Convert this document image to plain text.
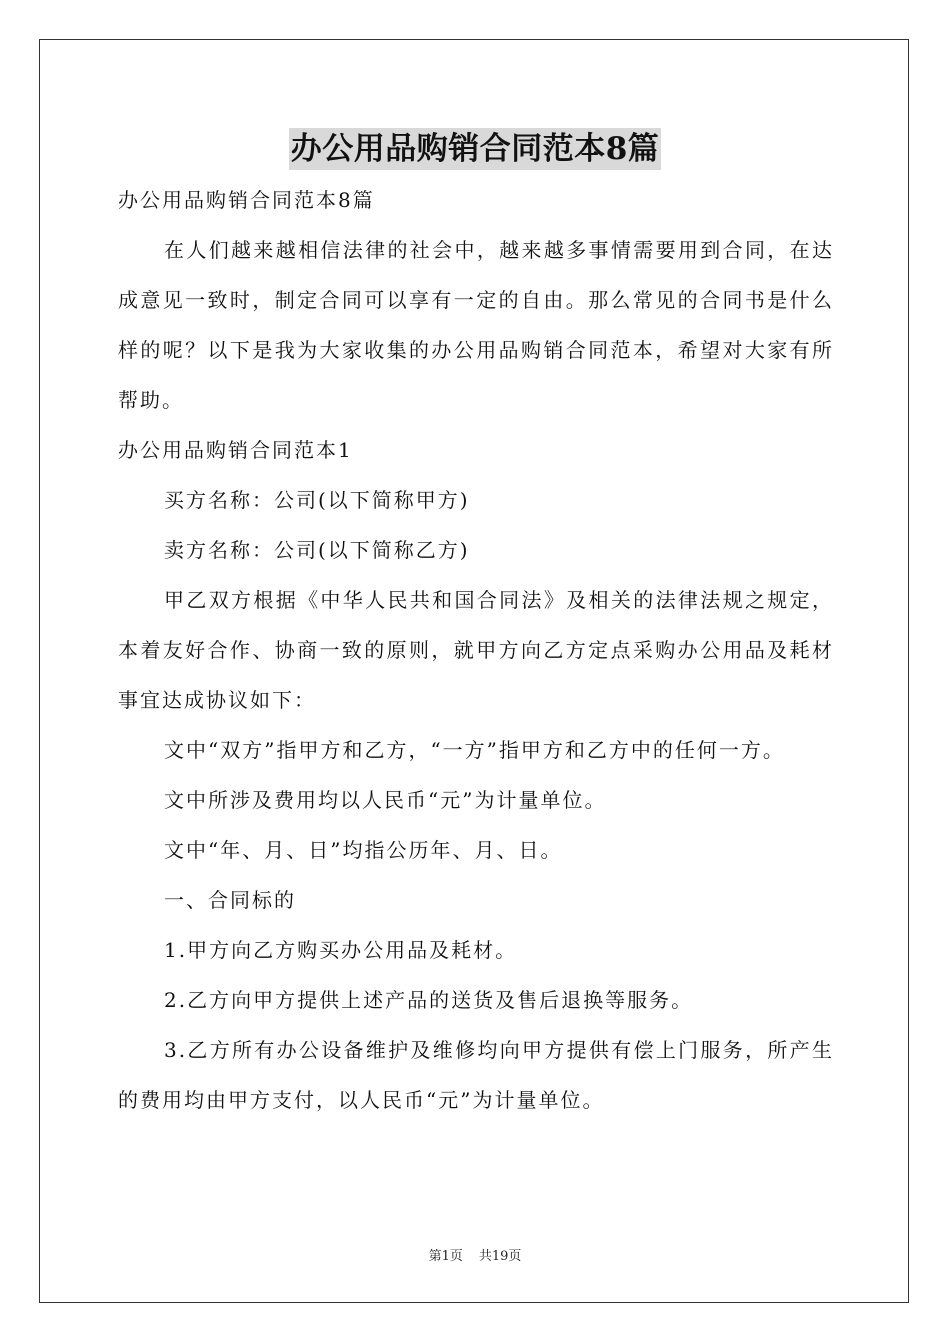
办公用品购销合同范本8篇

办公用品购销合同范本8篇

在人们越来越相信法律的社会中，越来越多事情需要用到合同，在达成意见一致时，制定合同可以享有一定的自由。那么常见的合同书是什么样的呢？以下是我为大家收集的办公用品购销合同范本，希望对大家有所帮助。

办公用品购销合同范本1

买方名称：公司(以下简称甲方)

卖方名称：公司(以下简称乙方)

甲乙双方根据《中华人民共和国合同法》及相关的法律法规之规定，本着友好合作、协商一致的原则，就甲方向乙方定点采购办公用品及耗材事宜达成协议如下：

文中“双方”指甲方和乙方，“一方”指甲方和乙方中的任何一方。

文中所涉及费用均以人民币“元”为计量单位。

文中“年、月、日”均指公历年、月、日。

一、合同标的

1.甲方向乙方购买办公用品及耗材。

2.乙方向甲方提供上述产品的送货及售后退换等服务。

3.乙方所有办公设备维护及维修均向甲方提供有偿上门服务，所产生的费用均由甲方支付，以人民币“元”为计量单位。

第1页 共19页
